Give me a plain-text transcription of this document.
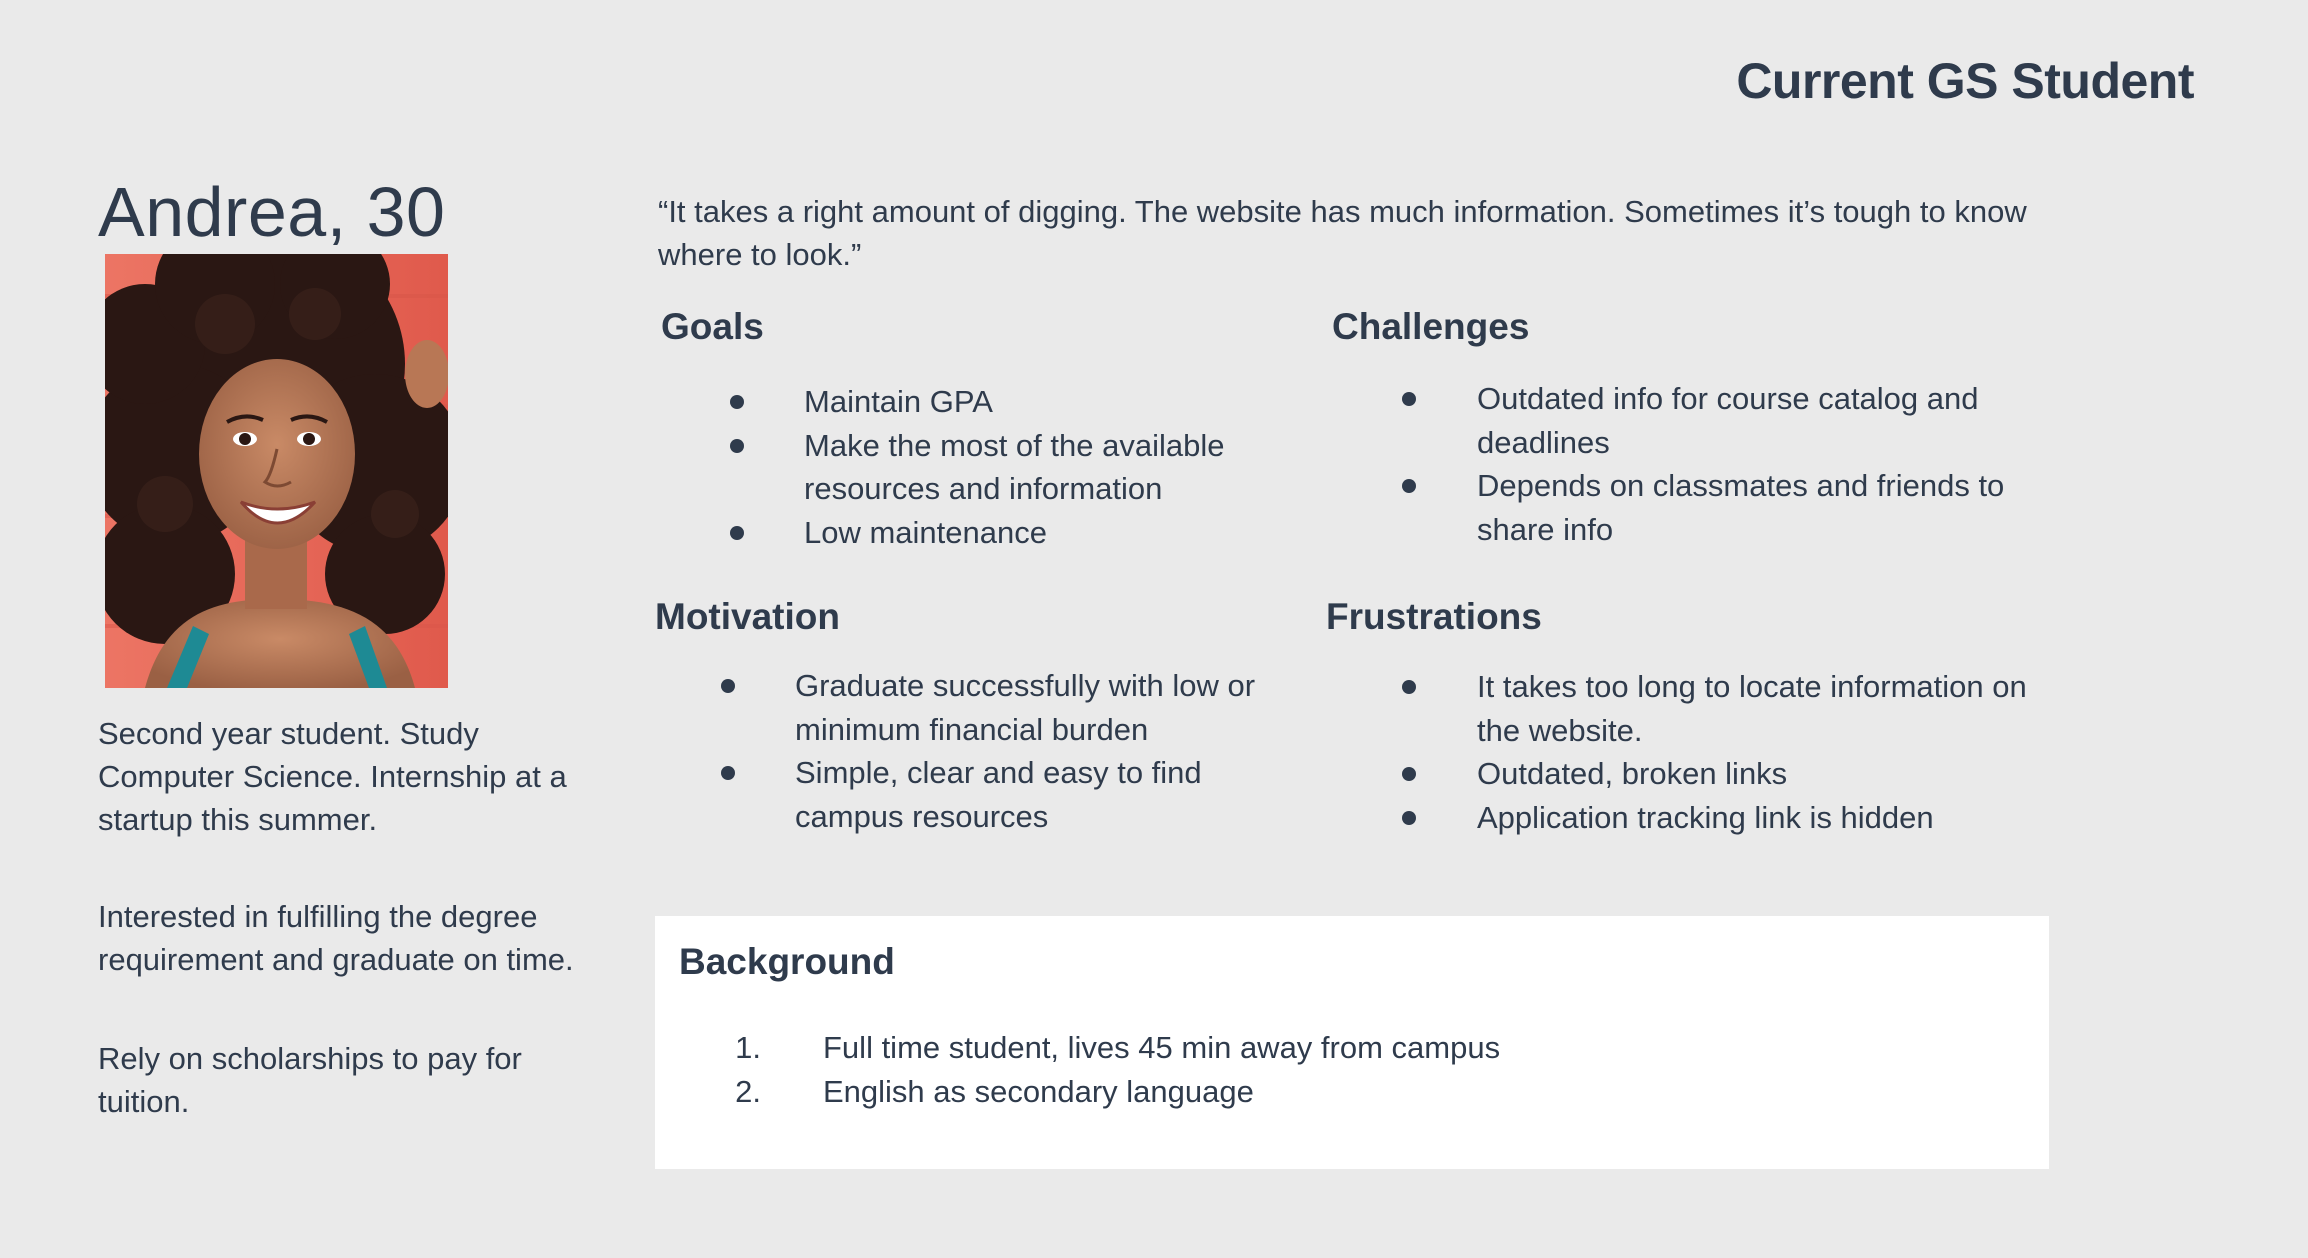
Current GS Student
Andrea, 30

Second year student. Study Computer Science. Internship at a startup this summer.

Interested in fulfilling the degree requirement and graduate on time.

Rely on scholarships to pay for tuition.

“It takes a right amount of digging. The website has much information. Sometimes it’s tough to know where to look.”
Goals
Maintain GPA
Make the most of the available resources and information
Low maintenance
Challenges
Outdated info for course catalog and deadlines
Depends on classmates and friends to share info
Motivation
Graduate successfully with low or minimum financial burden
Simple, clear and easy to find campus resources
Frustrations
It takes too long to locate information on the website.
Outdated, broken links
Application tracking link is hidden
Background
1. Full time student, lives 45 min away from campus
2. English as secondary language
